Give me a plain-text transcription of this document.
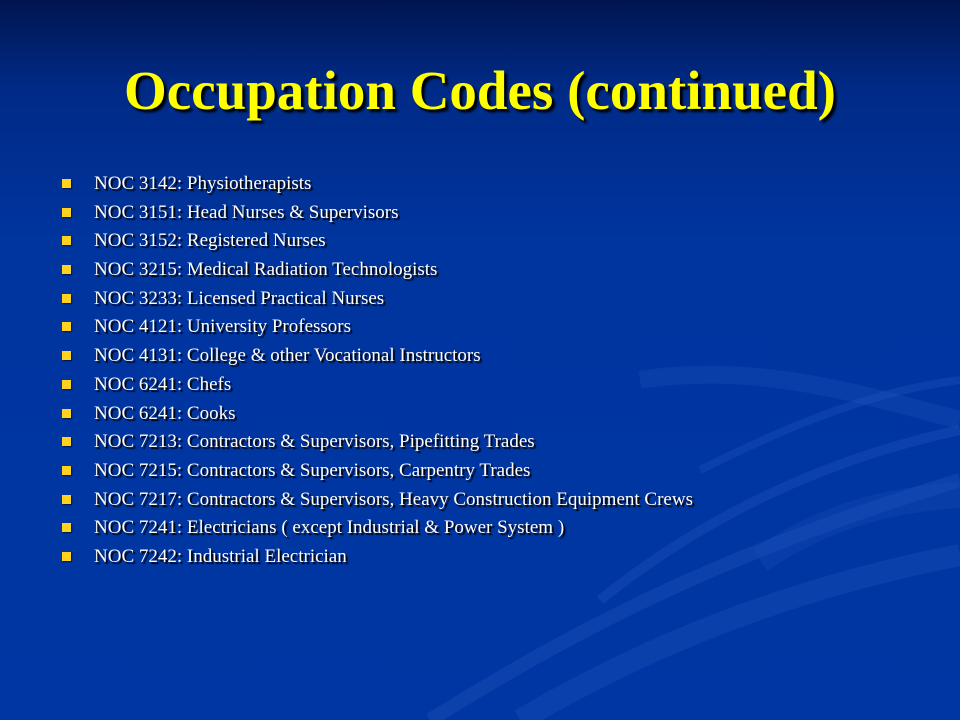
Occupation Codes (continued)
NOC 3142: Physiotherapists
NOC 3151: Head Nurses & Supervisors
NOC 3152: Registered Nurses
NOC 3215: Medical Radiation Technologists
NOC 3233: Licensed Practical Nurses
NOC 4121: University Professors
NOC 4131: College & other Vocational Instructors
NOC 6241: Chefs
NOC 6241: Cooks
NOC 7213: Contractors & Supervisors, Pipefitting Trades
NOC 7215: Contractors & Supervisors, Carpentry Trades
NOC 7217: Contractors & Supervisors, Heavy Construction Equipment Crews
NOC 7241: Electricians ( except Industrial & Power System )
NOC 7242: Industrial Electrician
